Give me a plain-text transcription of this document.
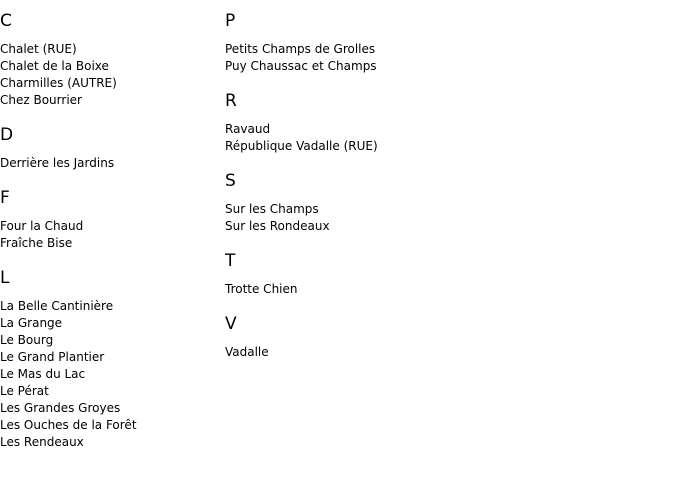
C
Chalet (RUE)
Chalet de la Boixe
Charmilles (AUTRE)
Chez Bourrier
D
Derrière les Jardins
F
Four la Chaud
Fraîche Bise
L
La Belle Cantinière
La Grange
Le Bourg
Le Grand Plantier
Le Mas du Lac
Le Pérat
Les Grandes Groyes
Les Ouches de la Forêt
Les Rendeaux
P
Petits Champs de Grolles
Puy Chaussac et Champs
R
Ravaud
République Vadalle (RUE)
S
Sur les Champs
Sur les Rondeaux
T
Trotte Chien
V
Vadalle
